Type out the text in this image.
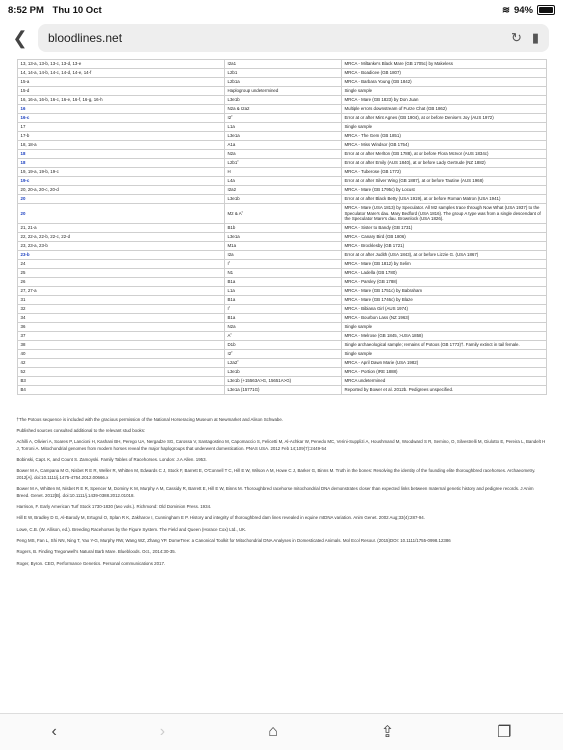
8:52 PM Thu 10 Oct	≋ 94%
❮	bloodlines.net	↻ ▮
13, 13-a, 13-b, 13-c, 13-d, 13-e	I2a1	MRCA - Miltanke's Black Mare (GB 1705c) by Makeless
14, 14-a, 14-b, 14-c, 14-d, 14-e, 14-f	L2b1	MRCA - Boadicee (GB 1807)
15-a	L2b1a	MRCA - Barbara Young (GB 1842)
15-d	Haplogroup undetermined	Single sample
16, 16-a, 16-b, 16-c, 16-e, 16-f, 16-g, 16-h	L3e1b	MRCA - Mare (GB 1823) by Don Juan
16	N2a & I2a2	Multiple errors downstream of Furze Chat (GB 1862)
16-c	I2˚	Error at or after Mint Agnes (GB 1904), at or before Denise's Joy (AUS 1972)
17	L1a	Single sample
17-b	L3e1a	MRCA - The Gem (GB 1851)
18, 18-a	A1a	MRCA - Miss Windsor (GB 1754)
18	N2a	Error at or after Merlton (GB 1788), at or before Flora McIvor (AUS 1834c)
18	L2b1˚	Error at or after Emily (AUS 1840), at or before Lady Gertrude (NZ 1882)
19, 19-a, 19-b, 19-c	H	MRCA - Tuberose (GB 1772)
19-c	L4a	Error at or after Silver Wing (GB 1887), at or before Tautine (AUS 1968)
20, 20-a, 20-c, 20-d	I2a2	MRCA - Mare (GB 1795c) by Locust
20	L3e1b	Error at or after Black Betty (USA 1919), at or before Roman Matron (USA 1941)
20	M2 & A˚	MRCA - Mare (USA 1813) by Speculator. All M2 samples trace through Now What (USA 1937) to the Speculator Mare's dau. Mary Bedford (USA 1816). The group A type was from a single descendant of the Speculator Mare's dau. Brownlock (USA 1826).
21, 21-a	B1b	MRCA - Sister to Bandy (GB 1731)
22, 22-a, 22-b, 22-c, 22-d	L3e1a	MRCA - Canary Bird (GB 1806)
23, 23-a, 23-b	M1a	MRCA - Brocklesby (GB 1721)
23-b	I2a	Error at or after Judith (USA 1843), at or before Lizzie G. (USA 1867)
24	I˚	MRCA - Mare (GB 1812) by Selim
25	N1	MRCA - Ladella (GB 1780)
26	B1a	MRCA - Parsley (GB 1788)
27, 27-a	L1a	MRCA - Mare (GB 1751c) by Babraham
31	B1a	MRCA - Mare (GB 1746c) by Blaze
32	I˚	MRCA - Bibiana Girl (AUS 1974)
34	B1a	MRCA - Bourbon Lass (NZ 1963)
36	N2a	Single sample
37	A˚	MRCA - Melrose (GB 1845, >USA 1858)
38	D1b	Single archaeological sample; remains of Potoos (GB 1773)†. Family extinct in tail female.
40	I2˚	Single sample
42	L2a2˚	MRCA - April Dawn Marie (USA 1982)
52	L3e1b	MRCA - Portion (IRE 1888)
B3	L3e1b (+15563A>G, 15651A>G)	MRCA undetermined
B4	L3e1a (15771G)	Reported by Bower et al. 2012b. Pedigrees unspecified.

†The Potoos sequence is included with the gracious permission of the National Horseracing Museum at Newmarket and Alison Schwabe.

Published sources consulted additional to the relevant stud books:

Achilli A, Olivieri A, Soares P, Lancioni H, Kashani BH, Perego UA, Nergadze SG, Carossa V, Santagostino M, Capomaccio S, Felicetti M, Al-Achkar W, Penedo MC, Verini-Supplizi A, Houshmand M, Woodward S R, Semino, O, Silvestrelli M, Giulotto E, Pereira L, Bandelt H J, Torroni A. Mitochondrial genomes from modern horses reveal the major haplogroups that underwent domestication. PNAS USA. 2012 Feb 14;109(7):2449-54

Bobinski, Capt. K, and Count S. Zamoyski. Family Tables of Racehorses. London: J.A Allen. 1953.

Bower M A, Campana M G, Nisbet R E R, Weller R, Whitten M, Edwards C J, Stock F, Barrett E, O'Connell T C, Hill E W, Wilson A M, Howe C J, Barker G, Binns M. Truth in the bones: Resolving the identity of the founding elite thoroughbred racehorses. Archaeometry. 2012[A]. doi:10.1111/j.1475-4754.2012.00666.x

Bower M A, Whitten M, Nisbet R E R, Spencer M, Dominy K M, Murphy A M, Cassidy R, Barrett E, Hill E W, Binns M. Thoroughbred racehorse mitochondrial DNA demonstrates closer than expected links between maternal genetic history and pedigree records. J Anim Breed. Genet. 2012[B]. doi:10.1111/j.1439-0388.2012.01018.

Harrison, F. Early American Turf Stock 1730-1830 (two vols.). Richmond: Old Dominion Press. 1934.

Hill E W, Bradley D G, Al-Barody M, Ertugrul O, Splan R K, Zakharov I, Cunningham E P. History and integrity of thoroughbred dam lines revealed in equine mtDNA variation. Anim Genet. 2002 Aug;33(4):287-94.

Lowe, C.B. (W. Allison, ed.). Breeding Racehorses by the Figure System. The Field and Queen (Horace Cox) Ltd., UK.

Peng MS, Fan L, Shi NN, Ning T, Yao Y-G, Murphy RW, Wang WZ, Zhang YP. DomeTree: a Canonical Toolkit for Mitochondrial DNA Analyses in Domesticated Animals. Mol Ecol Resour. (2015)DOI: 10.1111/1755-0998.12386

Rogers, B. Finding Tregonwell's Natural Barb Mare. Bluebloods. Oct., 2014:30-35.

Roger, Byron. CEO, Performance Genetics. Personal communications 2017.

‹	›	⌂	⇪	❐
